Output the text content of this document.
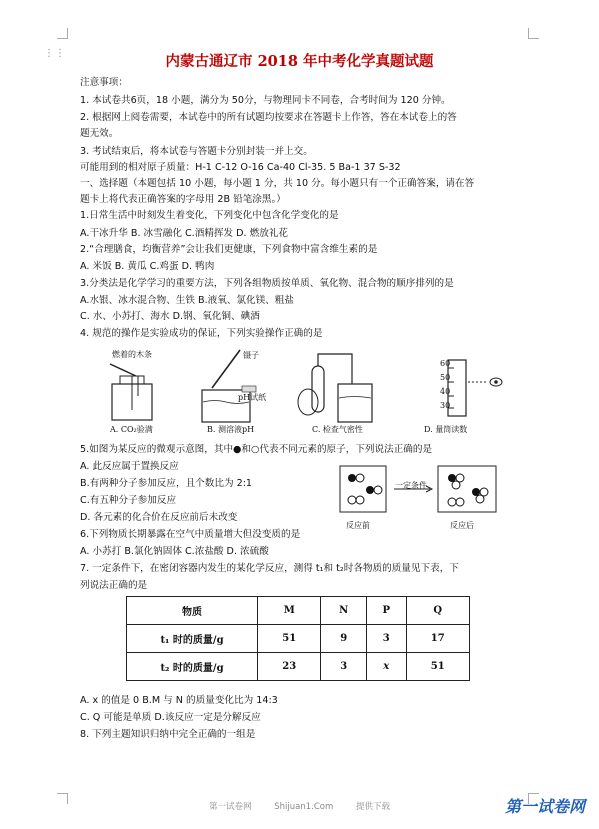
⋮⋮	内蒙古通辽市 2018 年中考化学真题试题
注意事项：
1. 本试卷共6页，18 小题，满分为 50分，与物理同卡不同卷，合考时间为 120 分钟。
2. 根据网上阅卷需要，本试卷中的所有试题均按要求在答题卡上作答，答在本试卷上的答
题无效。
3. 考试结束后，将本试卷与答题卡分别封装一并上交。
可能用到的相对原子质量：H-1 C-12 O-16 Ca-40 Cl-35. 5 Ba-1 37 S-32
一、选择题（本题包括 10 小题，每小题 1 分，共 10 分。每小题只有一个正确答案，请在答
题卡上将代表正确答案的字母用 2B 铅笔涂黑。）
1.日常生活中时刻发生着变化，下列变化中包含化学变化的是
A.干冰升华 B. 冰雪融化 C.酒精挥发 D. 燃放礼花
2.“合理膳食，均衡营养”会让我们更健康，下列食物中富含维生素的是
A. 米饭 B. 黄瓜 C.鸡蛋 D. 鸭肉
3.分类法是化学学习的重要方法，下列各组物质按单质、氧化物、混合物的顺序排列的是
A.水银、冰水混合物、生铁 B.液氧、氯化镁、粗盐
C. 水、小苏打、海水 D.钢、氧化铜、碘酒
4. 规范的操作是实验成功的保证，下列实验操作正确的是
燃着的木条	镊子
pH试纸
60
50
40
30
A. CO₂验满	B. 测溶液pH	C. 检查气密性	D. 量筒读数
5.如图为某反应的微观示意图，其中●和○代表不同元素的原子，下列说法正确的是
A. 此反应属于置换反应
B.有两种分子参加反应，且个数比为 2:1
C.有五种分子参加反应
D. 各元素的化合价在反应前后未改变
6.下列物质长期暴露在空气中质量增大但没变质的是
A. 小苏打 B.氯化钠固体 C.浓盐酸 D. 浓硫酸
7. 一定条件下，在密闭容器内发生的某化学反应，测得 t₁和 t₂时各物质的质量见下表，下
列说法正确的是
一定条件
反应前	反应后
物质	M	N	P	Q
t₁ 时的质量/g	51	9	3	17
t₂ 时的质量/g	23	3	x	51
A. x 的值是 0 B.M 与 N 的质量变化比为 14:3
C. Q 可能是单质 D.该反应一定是分解反应
8. 下列主题知识归纳中完全正确的一组是
第一试卷网	Shijuan1.Com	提供下载	第一试卷网
